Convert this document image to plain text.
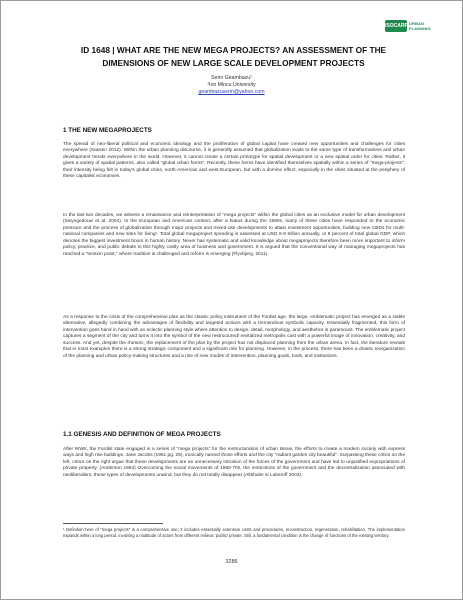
ISOCARP URBAN PLANNING
ID 1648 | WHAT ARE THE NEW MEGA PROJECTS? AN ASSESSMENT OF THE DIMENSIONS OF NEW LARGE SCALE DEVELOPMENT PROJECTS
Serin Geambazu¹
¹Ion Mincu University
geambazuserin@yahoo.com
1 THE NEW MEGAPROJECTS

The spread of neo-liberal political and economic ideology and the proliferation of global capital have created new opportunities and challenges for cities everywhere (Sassen 2012). Within the urban planning discourse, it is generally assumed that globalization leads to the same type of transformations and urban development trends everywhere in the world. However, it cannot create a certain prototype for spatial development or a new spatial order for cities. Rather, it gives a variety of spatial patterns, also called "global urban forms". Recently, these forms have identified themselves spatially within a series of "mega-projects", their intensity being felt in today's global cities, north-American and west-European, but with a domino effect, especially in the cities situated at the periphery of these capitalist economies.

In the last two decades, we witness a renaissance and reinterpretation of "mega projects" within the global cities as an exclusive model for urban development (Swyngedouw et al. 2004). In the European and American context, after a hiatus during the 1980s, many of these cities have responded to the economic pressure and the process of globalization through major projects and mixed-use developments to attain investment opportunities, building new CBDs for multi-national companies and new sites for living¹. Total global megaproject spending is assessed at USD 6-9 trillion annually, or 8 percent of total global GDP, which denotes the biggest investment boom in human history. Never has systematic and valid knowledge about megaprojects therefore been more important to inform policy, practice, and public debate in this highly costly area of business and government. It is argued that the conventional way of managing megaprojects has reached a "tension point," where tradition is challenged and reform is emerging (Flyvbjerg, 2011).

As a response to the crisis of the comprehensive plan as the classic policy instrument of the Fordist age, the large, emblematic project has emerged as a viable alternative, allegedly combining the advantages of flexibility and targeted actions with a tremendous symbolic capacity. Essentially fragmented, this form of intervention goes hand in hand with an eclectic planning style where attention to design, detail, morphology, and aesthetics is paramount. The emblematic project captures a segment of the city and turns it into the symbol of the new restructured/ revitalized metropolis cast with a powerful image of innovation, creativity, and success. And yet, despite the rhetoric, the replacement of the plan by the project has not displaced planning from the urban arena. In fact, the literature reveals that in most examples there is a strong strategic component and a significant role for planning. However, in the process, there has been a drastic reorganization of the planning and urban policy-making structures and a rise of new modes of intervention, planning goals, tools, and institutions.

1.1 GENESIS AND DEFINITION OF MEGA PROJECTS

After WWII, the Fordist state engaged in a series of "mega projects" for the restructuration of urban tissue, the efforts to create a modern society with express ways and high rise buildings. Jane Jacobs (1961 pg. 25), ironically named those efforts and the city "radiant garden city beautiful". Surpassing these critics on the left, critics on the right argue that these developments are an unnecessary intrusion of the forces of the government and have led to unjustified expropriations of private property. (Anderson 1964) Overcoming the social movements of 1960-70s, the restrictions of the government and the decentralization associated with neoliberalism, these types of developments unwind, but they do not totally disappear (Altshuler si Luberoff 2003).

¹ Definition here of "mega projects" is a comprehensive one; it includes essentially extensive costs and procedures, reconstruction, regeneration, rehabilitation. The implementation expands within a long period, involving a multitude of actors from different milieus: public/ private. Still, a fundamental condition is the change of functions of the existing territory.
3286
